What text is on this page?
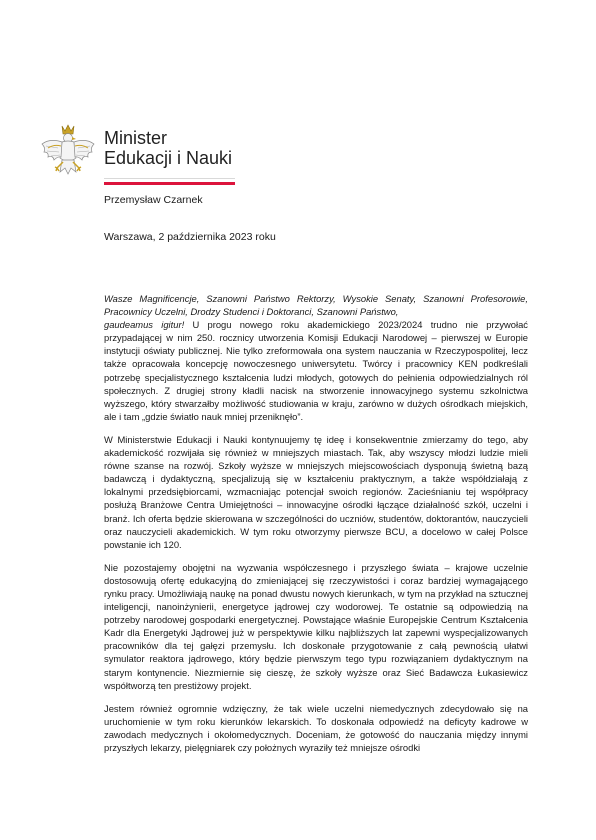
Minister
Edukacji i Nauki
Przemysław Czarnek
Warszawa, 2 października 2023 roku

Wasze Magnificencje, Szanowni Państwo Rektorzy, Wysokie Senaty, Szanowni Profesorowie, Pracownicy Uczelni, Drodzy Studenci i Doktoranci, Szanowni Państwo,

gaudeamus igitur! U progu nowego roku akademickiego 2023/2024 trudno nie przywołać przypadającej w nim 250. rocznicy utworzenia Komisji Edukacji Narodowej – pierwszej w Europie instytucji oświaty publicznej. Nie tylko zreformowała ona system nauczania w Rzeczypospolitej, lecz także opracowała koncepcję nowoczesnego uniwersytetu. Twórcy i pracownicy KEN podkreślali potrzebę specjalistycznego kształcenia ludzi młodych, gotowych do pełnienia odpowiedzialnych ról społecznych. Z drugiej strony kładli nacisk na stworzenie innowacyjnego systemu szkolnictwa wyższego, który stwarzałby możliwość studiowania w kraju, zarówno w dużych ośrodkach miejskich, ale i tam „gdzie światło nauk mniej przeniknęło”.

W Ministerstwie Edukacji i Nauki kontynuujemy tę ideę i konsekwentnie zmierzamy do tego, aby akademickość rozwijała się również w mniejszych miastach. Tak, aby wszyscy młodzi ludzie mieli równe szanse na rozwój. Szkoły wyższe w mniejszych miejscowościach dysponują świetną bazą badawczą i dydaktyczną, specjalizują się w kształceniu praktycznym, a także współdziałają z lokalnymi przedsiębiorcami, wzmacniając potencjał swoich regionów. Zacieśnianiu tej współpracy posłużą Branżowe Centra Umiejętności – innowacyjne ośrodki łączące działalność szkół, uczelni i branż. Ich oferta będzie skierowana w szczególności do uczniów, studentów, doktorantów, nauczycieli oraz nauczycieli akademickich. W tym roku otworzymy pierwsze BCU, a docelowo w całej Polsce powstanie ich 120.

Nie pozostajemy obojętni na wyzwania współczesnego i przyszłego świata – krajowe uczelnie dostosowują ofertę edukacyjną do zmieniającej się rzeczywistości i coraz bardziej wymagającego rynku pracy. Umożliwiają naukę na ponad dwustu nowych kierunkach, w tym na przykład na sztucznej inteligencji, nanoinżynierii, energetyce jądrowej czy wodorowej. Te ostatnie są odpowiedzią na potrzeby narodowej gospodarki energetycznej. Powstające właśnie Europejskie Centrum Kształcenia Kadr dla Energetyki Jądrowej już w perspektywie kilku najbliższych lat zapewni wyspecjalizowanych pracowników dla tej gałęzi przemysłu. Ich doskonałe przygotowanie z całą pewnością ułatwi symulator reaktora jądrowego, który będzie pierwszym tego typu rozwiązaniem dydaktycznym na starym kontynencie. Niezmiernie się cieszę, że szkoły wyższe oraz Sieć Badawcza Łukasiewicz współtworzą ten prestiżowy projekt.

Jestem również ogromnie wdzięczny, że tak wiele uczelni niemedycznych zdecydowało się na uruchomienie w tym roku kierunków lekarskich. To doskonała odpowiedź na deficyty kadrowe w zawodach medycznych i okołomedycznych. Doceniam, że gotowość do nauczania między innymi przyszłych lekarzy, pielęgniarek czy położnych wyraziły też mniejsze ośrodki
